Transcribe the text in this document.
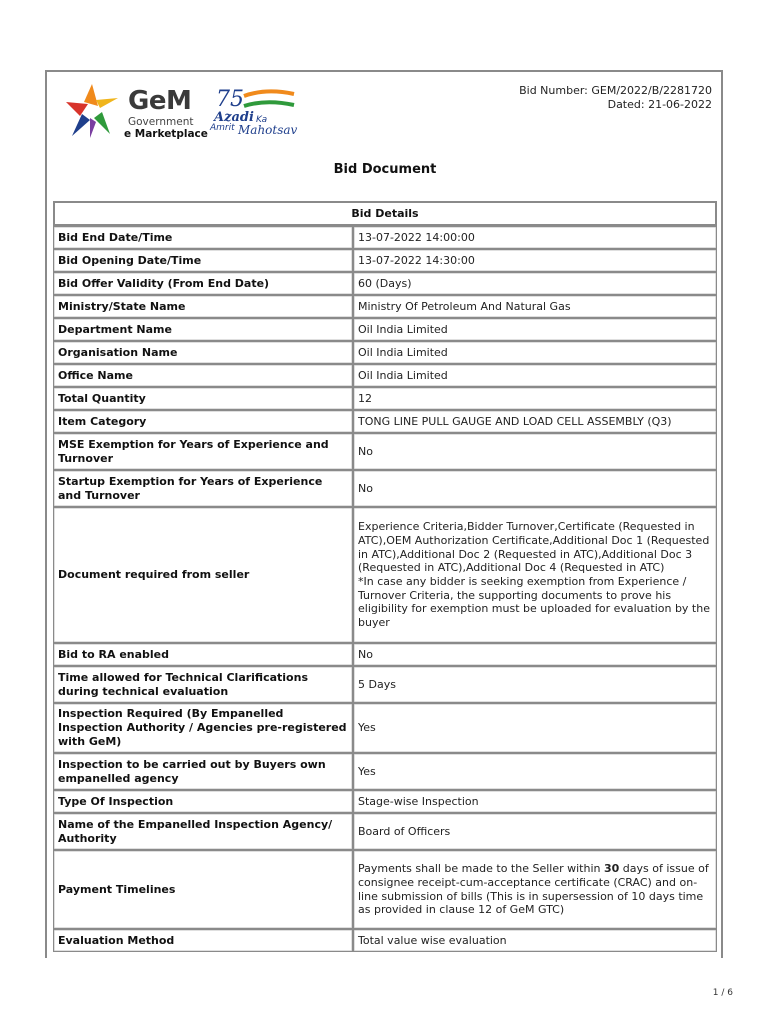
GeM
Government
e Marketplace
75
Azadi Ka
Amrit Mahotsav
Bid Number: GEM/2022/B/2281720
Dated: 21-06-2022
Bid Document
Bid Details	
Bid End Date/Time	13-07-2022 14:00:00

Bid Opening Date/Time	13-07-2022 14:30:00

Bid Offer Validity (From End Date)	60 (Days)

Ministry/State Name	Ministry Of Petroleum And Natural Gas

Department Name	Oil India Limited

Organisation Name	Oil India Limited

Office Name	Oil India Limited

Total Quantity	12

Item Category	TONG LINE PULL GAUGE AND LOAD CELL ASSEMBLY (Q3)

MSE Exemption for Years of Experience and Turnover	No

Startup Exemption for Years of Experience and Turnover	No

Document required from seller	Experience Criteria,Bidder Turnover,Certificate (Requested in ATC),OEM Authorization Certificate,Additional Doc 1 (Requested in ATC),Additional Doc 2 (Requested in ATC),Additional Doc 3 (Requested in ATC),Additional Doc 4 (Requested in ATC)
*In case any bidder is seeking exemption from Experience / Turnover Criteria, the supporting documents to prove his eligibility for exemption must be uploaded for evaluation by the buyer

Bid to RA enabled	No

Time allowed for Technical Clarifications during technical evaluation	5 Days

Inspection Required (By Empanelled Inspection Authority / Agencies pre-registered with GeM)	Yes

Inspection to be carried out by Buyers own empanelled agency	Yes

Type Of Inspection	Stage-wise Inspection

Name of the Empanelled Inspection Agency/ Authority	Board of Officers

Payment Timelines	Payments shall be made to the Seller within 30 days of issue of consignee receipt-cum-acceptance certificate (CRAC) and on-line submission of bills (This is in supersession of 10 days time as provided in clause 12 of GeM GTC)
Evaluation Method	Total value wise evaluation
1 / 6
